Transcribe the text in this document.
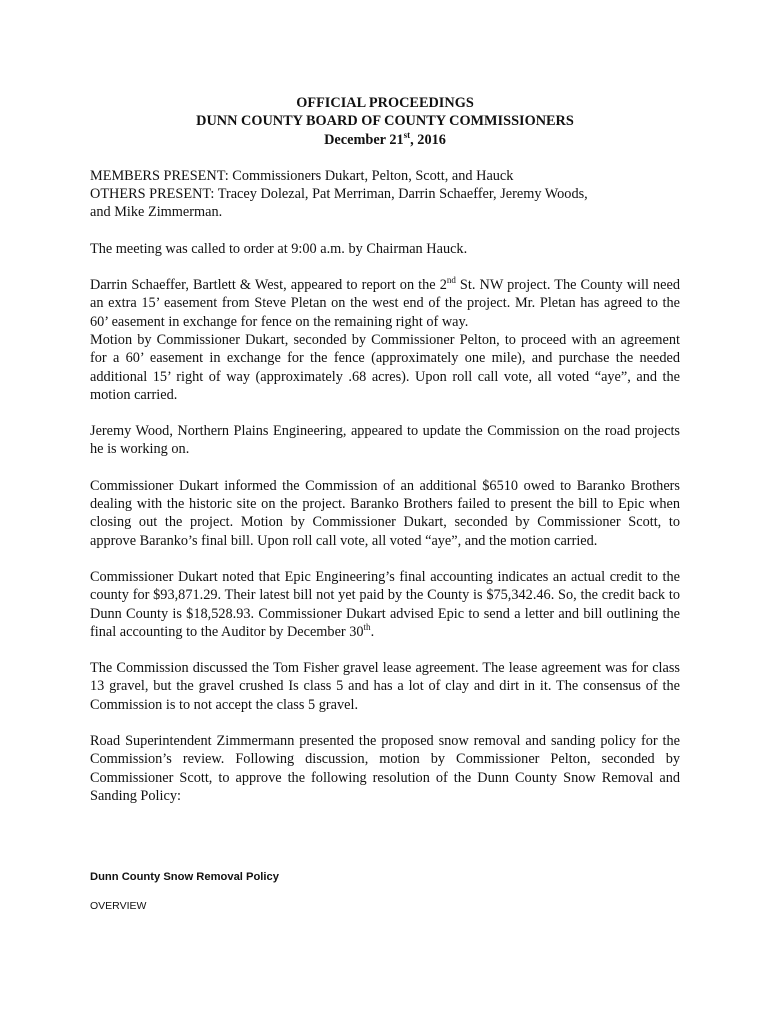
OFFICIAL PROCEEDINGS
DUNN COUNTY BOARD OF COUNTY COMMISSIONERS
December 21st, 2016

MEMBERS PRESENT: Commissioners Dukart, Pelton, Scott, and Hauck
OTHERS PRESENT: Tracey Dolezal, Pat Merriman, Darrin Schaeffer, Jeremy Woods,
and Mike Zimmerman.

The meeting was called to order at 9:00 a.m. by Chairman Hauck.

Darrin Schaeffer, Bartlett & West, appeared to report on the 2nd St. NW project. The County will need an extra 15’ easement from Steve Pletan on the west end of the project. Mr. Pletan has agreed to the 60’ easement in exchange for fence on the remaining right of way.

Motion by Commissioner Dukart, seconded by Commissioner Pelton, to proceed with an agreement for a 60’ easement in exchange for the fence (approximately one mile), and purchase the needed additional 15’ right of way (approximately .68 acres). Upon roll call vote, all voted “aye”, and the motion carried.

Jeremy Wood, Northern Plains Engineering, appeared to update the Commission on the road projects he is working on.

Commissioner Dukart informed the Commission of an additional $6510 owed to Baranko Brothers dealing with the historic site on the project. Baranko Brothers failed to present the bill to Epic when closing out the project. Motion by Commissioner Dukart, seconded by Commissioner Scott, to approve Baranko’s final bill. Upon roll call vote, all voted “aye”, and the motion carried.

Commissioner Dukart noted that Epic Engineering’s final accounting indicates an actual credit to the county for $93,871.29. Their latest bill not yet paid by the County is $75,342.46. So, the credit back to Dunn County is $18,528.93. Commissioner Dukart advised Epic to send a letter and bill outlining the final accounting to the Auditor by December 30th.

The Commission discussed the Tom Fisher gravel lease agreement. The lease agreement was for class 13 gravel, but the gravel crushed Is class 5 and has a lot of clay and dirt in it. The consensus of the Commission is to not accept the class 5 gravel.

Road Superintendent Zimmermann presented the proposed snow removal and sanding policy for the Commission’s review. Following discussion, motion by Commissioner Pelton, seconded by Commissioner Scott, to approve the following resolution of the Dunn County Snow Removal and Sanding Policy:

Dunn County Snow Removal Policy
OVERVIEW
